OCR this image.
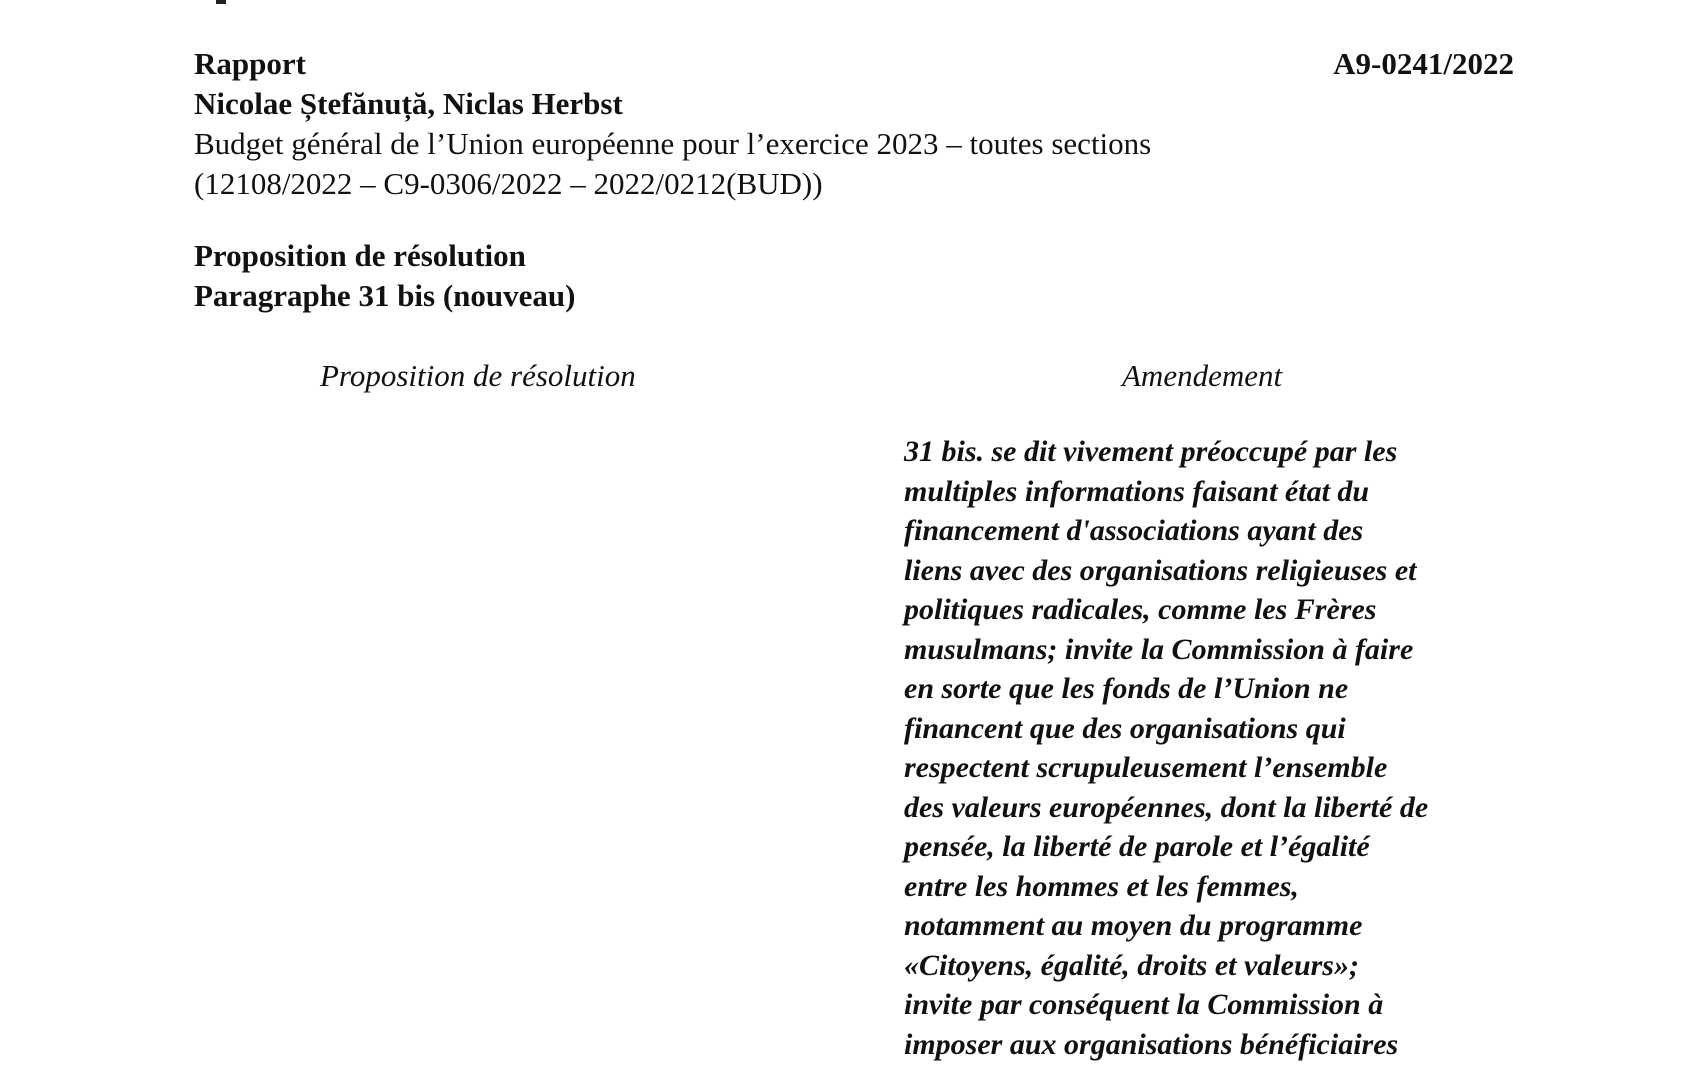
Rapport	A9-0241/2022
Nicolae Ștefănuță, Niclas Herbst
Budget général de l’Union européenne pour l’exercice 2023 – toutes sections
(12108/2022 – C9-0306/2022 – 2022/0212(BUD))
Proposition de résolution
Paragraphe 31 bis (nouveau)
Proposition de résolution	Amendement
31 bis. se dit vivement préoccupé par les
multiples informations faisant état du
financement d'associations ayant des
liens avec des organisations religieuses et
politiques radicales, comme les Frères
musulmans; invite la Commission à faire
en sorte que les fonds de l’Union ne
financent que des organisations qui
respectent scrupuleusement l’ensemble
des valeurs européennes, dont la liberté de
pensée, la liberté de parole et l’égalité
entre les hommes et les femmes,
notamment au moyen du programme
«Citoyens, égalité, droits et valeurs»;
invite par conséquent la Commission à
imposer aux organisations bénéficiaires
